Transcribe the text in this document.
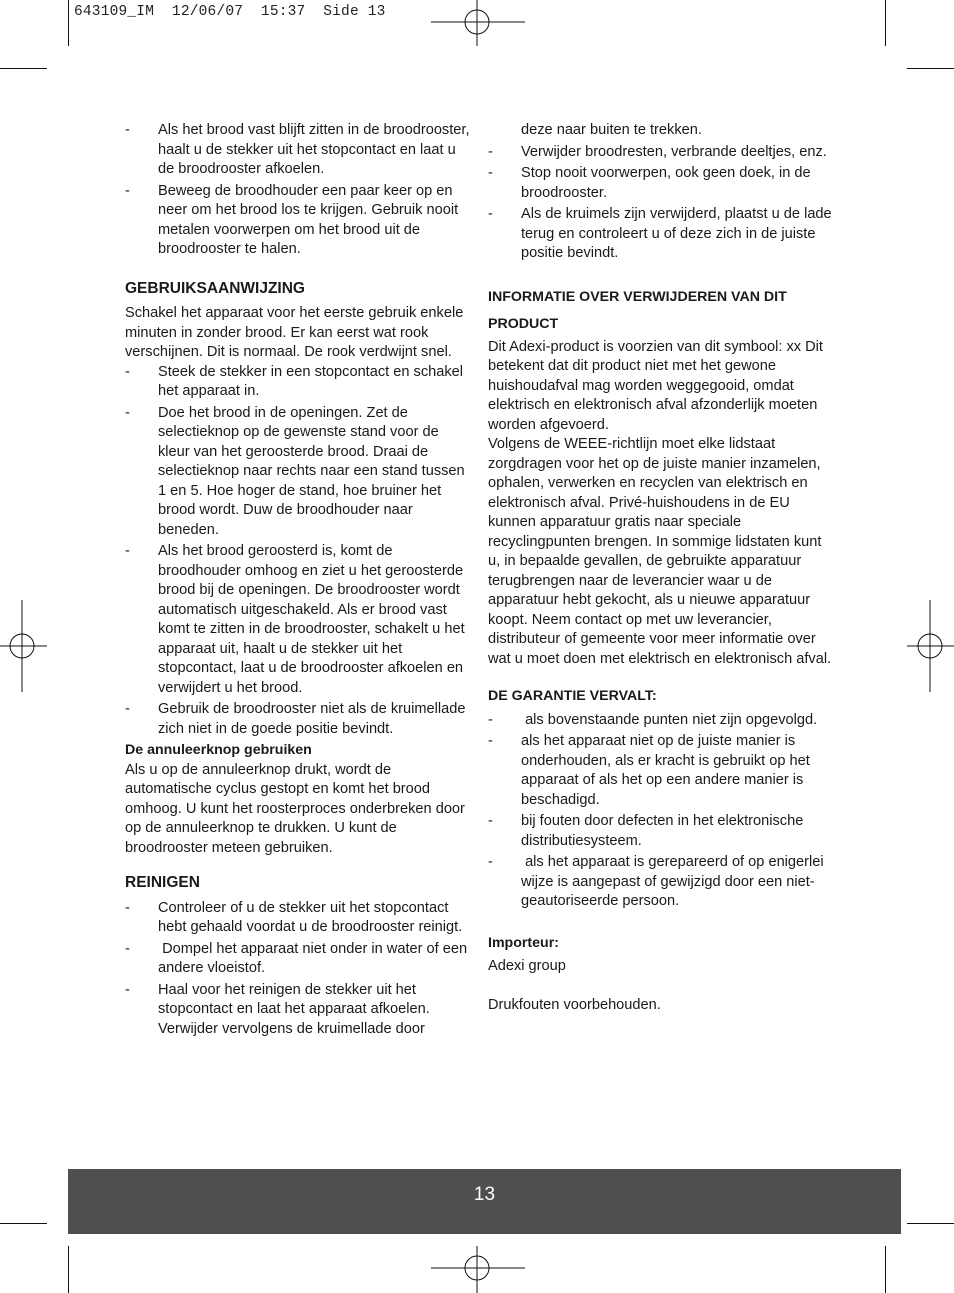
643109_IM  12/06/07  15:37  Side 13
- Als het brood vast blijft zitten in de broodrooster, haalt u de stekker uit het stopcontact en laat u de broodrooster afkoelen.
- Beweeg de broodhouder een paar keer op en neer om het brood los te krijgen. Gebruik nooit metalen voorwerpen om het brood uit de broodrooster te halen.

GEBRUIKSAANWIJZING

Schakel het apparaat voor het eerste gebruik enkele minuten in zonder brood. Er kan eerst wat rook verschijnen. Dit is normaal. De rook verdwijnt snel.

- Steek de stekker in een stopcontact en schakel het apparaat in.
- Doe het brood in de openingen. Zet de selectieknop op de gewenste stand voor de kleur van het geroosterde brood. Draai de selectieknop naar rechts naar een stand tussen 1 en 5. Hoe hoger de stand, hoe bruiner het brood wordt. Duw de broodhouder naar beneden.
- Als het brood geroosterd is, komt de broodhouder omhoog en ziet u het geroosterde brood bij de openingen. De broodrooster wordt automatisch uitgeschakeld. Als er brood vast komt te zitten in de broodrooster, schakelt u het apparaat uit, haalt u de stekker uit het stopcontact, laat u de broodrooster afkoelen en verwijdert u het brood.
- Gebruik de broodrooster niet als de kruimellade zich niet in de goede positie bevindt.

De annuleerknop gebruiken

Als u op de annuleerknop drukt, wordt de automatische cyclus gestopt en komt het brood omhoog. U kunt het roosterproces onderbreken door op de annuleerknop te drukken. U kunt de broodrooster meteen gebruiken.

REINIGEN

- Controleer of u de stekker uit het stopcontact hebt gehaald voordat u de broodrooster reinigt.
- Dompel het apparaat niet onder in water of een andere vloeistof.
- Haal voor het reinigen de stekker uit het stopcontact en laat het apparaat afkoelen. Verwijder vervolgens de kruimellade door
deze naar buiten te trekken.
- Verwijder broodresten, verbrande deeltjes, enz.
- Stop nooit voorwerpen, ook geen doek, in de broodrooster.
- Als de kruimels zijn verwijderd, plaatst u de lade terug en controleert u of deze zich in de juiste positie bevindt.

INFORMATIE OVER VERWIJDEREN VAN DIT
PRODUCT

Dit Adexi-product is voorzien van dit symbool: xx Dit betekent dat dit product niet met het gewone huishoudafval mag worden weggegooid, omdat elektrisch en elektronisch afval afzonderlijk moeten worden afgevoerd.

Volgens de WEEE-richtlijn moet elke lidstaat zorgdragen voor het op de juiste manier inzamelen, ophalen, verwerken en recyclen van elektrisch en elektronisch afval. Privé-huishoudens in de EU kunnen apparatuur gratis naar speciale recyclingpunten brengen. In sommige lidstaten kunt u, in bepaalde gevallen, de gebruikte apparatuur terugbrengen naar de leverancier waar u de apparatuur hebt gekocht, als u nieuwe apparatuur koopt. Neem contact op met uw leverancier, distributeur of gemeente voor meer informatie over wat u moet doen met elektrisch en elektronisch afval.

DE GARANTIE VERVALT:

- als bovenstaande punten niet zijn opgevolgd.
- als het apparaat niet op de juiste manier is onderhouden, als er kracht is gebruikt op het apparaat of als het op een andere manier is beschadigd.
- bij fouten door defecten in het elektronische distributiesysteem.
- als het apparaat is gerepareerd of op enigerlei wijze is aangepast of gewijzigd door een niet-geautoriseerde persoon.

Importeur:

Adexi group

Drukfouten voorbehouden.

13
